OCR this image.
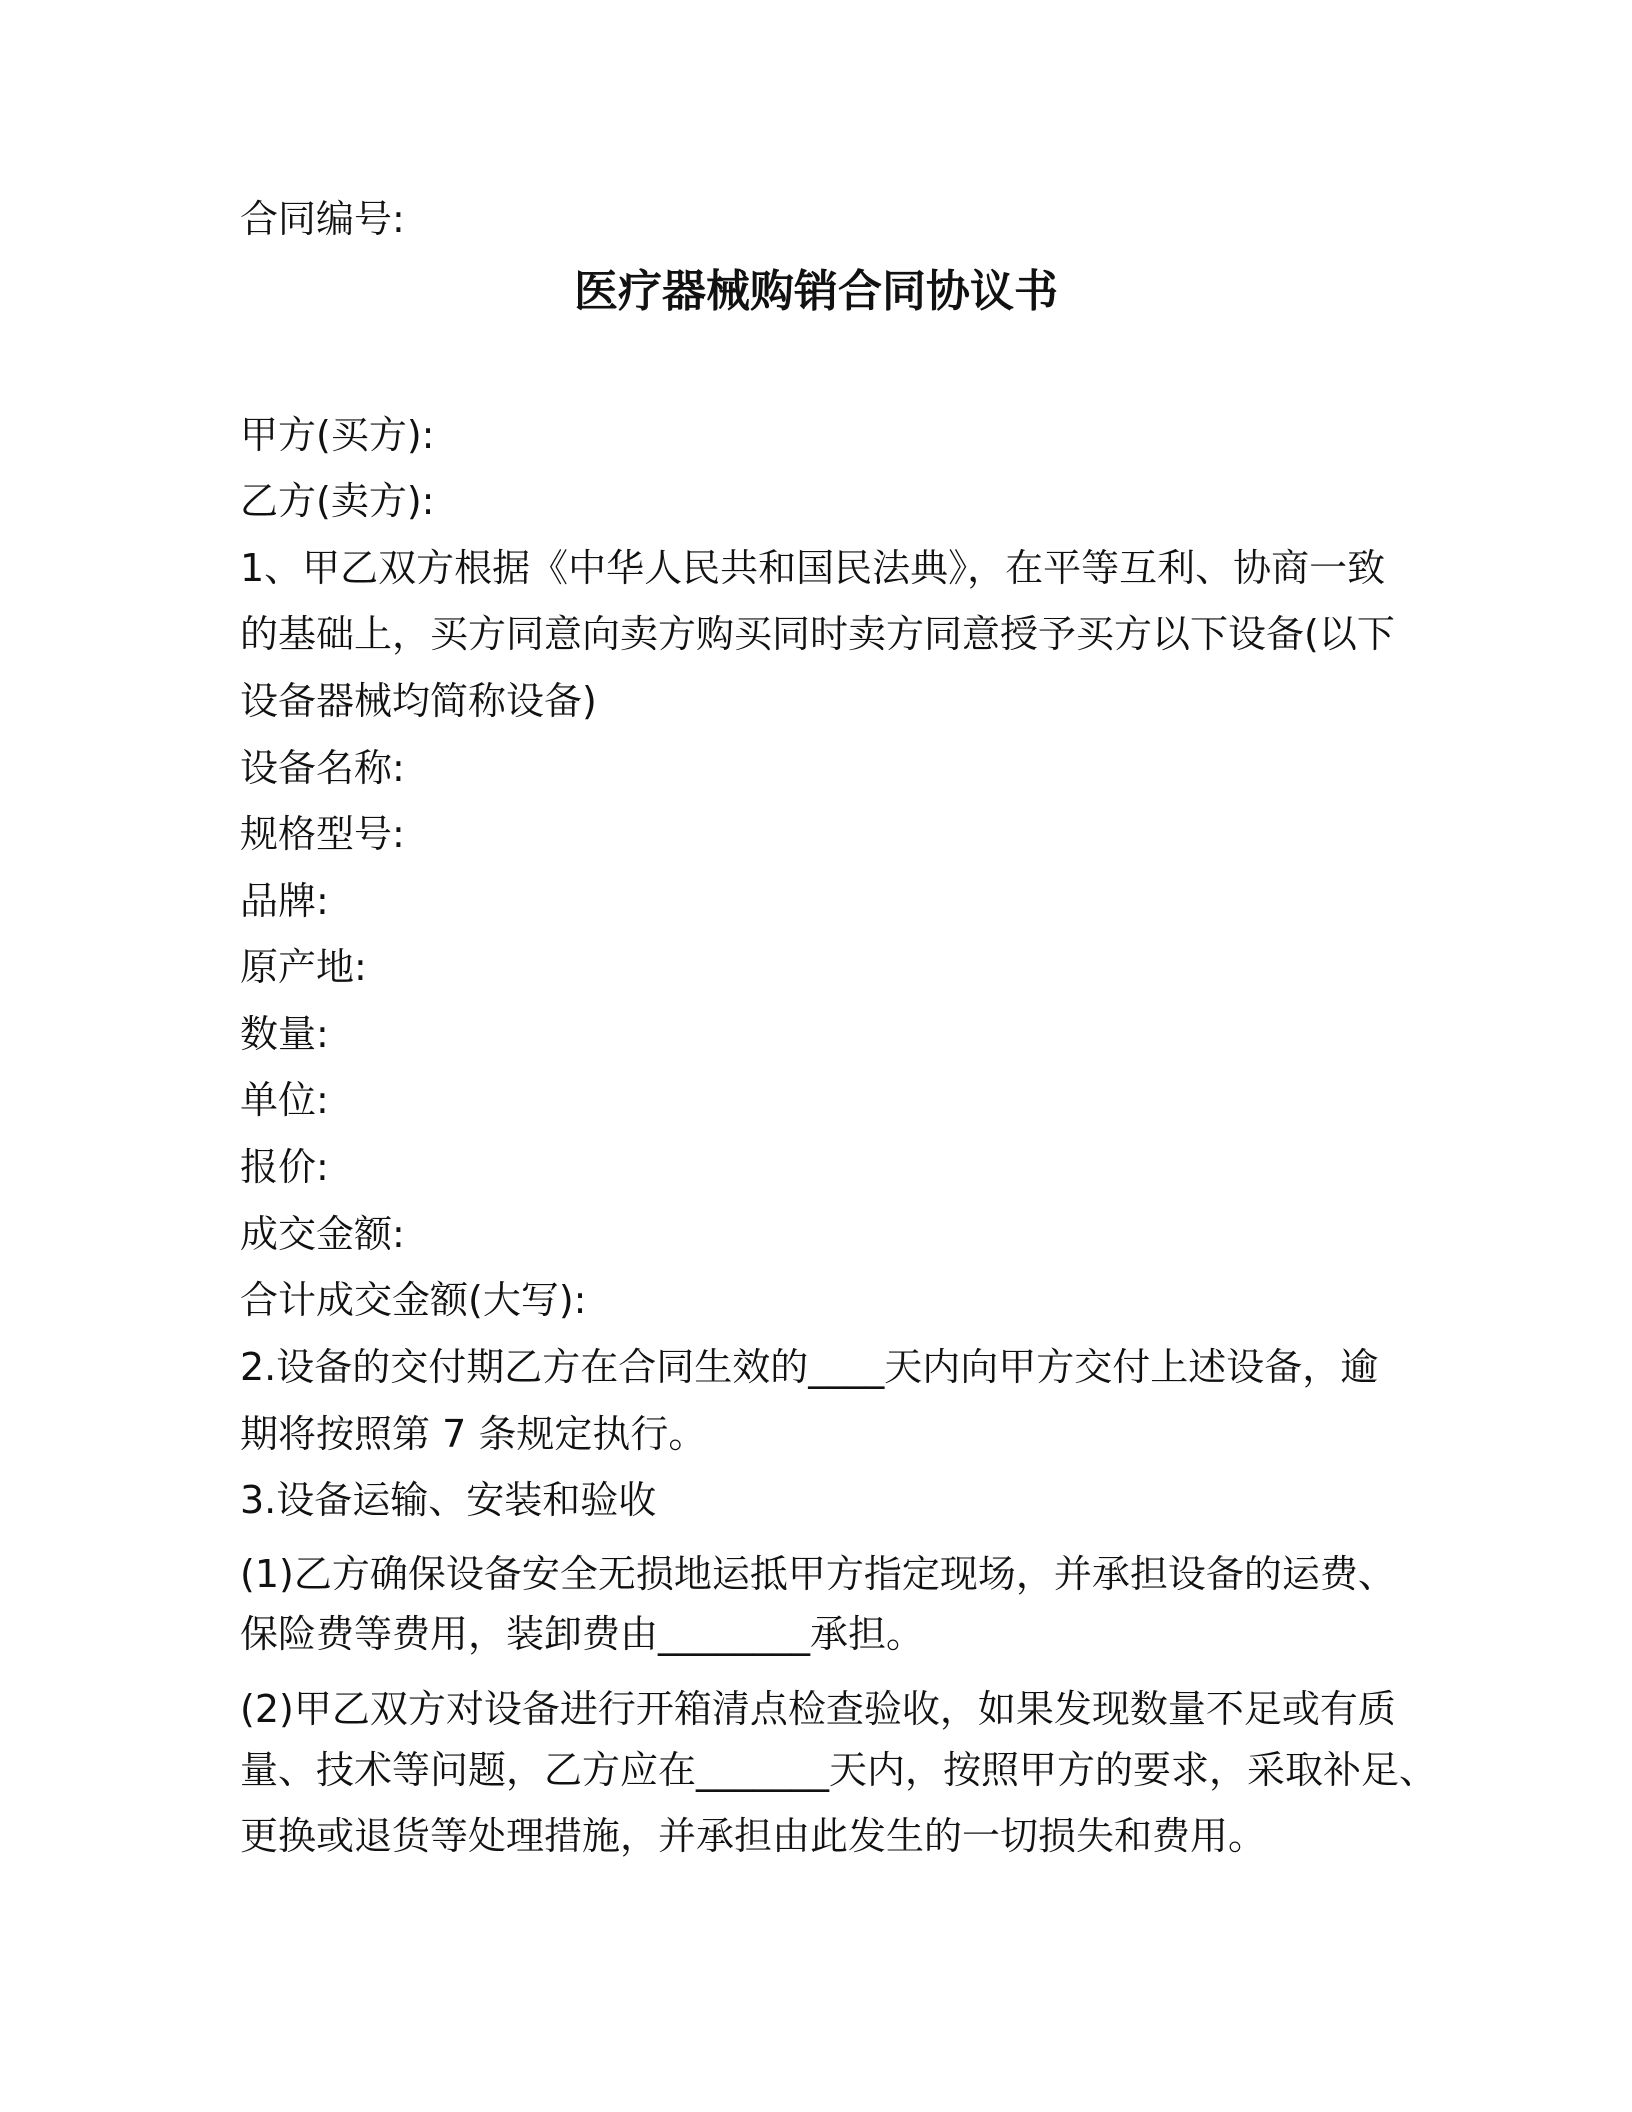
合同编号:
医疗器械购销合同协议书
甲方(买方):
乙方(卖方):
1、甲乙双方根据《中华人民共和国民法典》，在平等互利、协商一致
的基础上，买方同意向卖方购买同时卖方同意授予买方以下设备(以下
设备器械均简称设备)
设备名称:
规格型号:
品牌:
原产地:
数量:
单位:
报价:
成交金额:
合计成交金额(大写):
2.设备的交付期乙方在合同生效的____天内向甲方交付上述设备，逾
期将按照第 7 条规定执行。
3.设备运输、安装和验收
(1)乙方确保设备安全无损地运抵甲方指定现场，并承担设备的运费、
保险费等费用，装卸费由________承担。
(2)甲乙双方对设备进行开箱清点检查验收，如果发现数量不足或有质
量、技术等问题，乙方应在_______天内，按照甲方的要求，采取补足、
更换或退货等处理措施，并承担由此发生的一切损失和费用。
